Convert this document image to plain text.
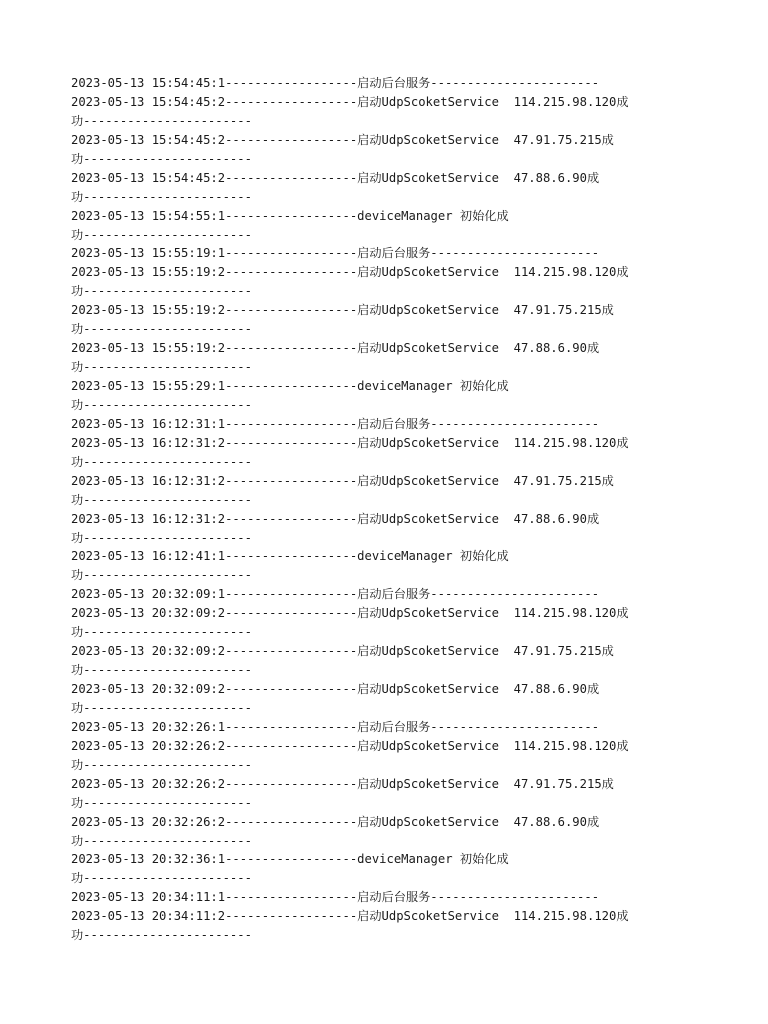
2023-05-13 15:54:45:1------------------启动后台服务-----------------------
2023-05-13 15:54:45:2------------------启动UdpScoketService  114.215.98.120成
功-----------------------
2023-05-13 15:54:45:2------------------启动UdpScoketService  47.91.75.215成
功-----------------------
2023-05-13 15:54:45:2------------------启动UdpScoketService  47.88.6.90成
功-----------------------
2023-05-13 15:54:55:1------------------deviceManager 初始化成
功-----------------------
2023-05-13 15:55:19:1------------------启动后台服务-----------------------
2023-05-13 15:55:19:2------------------启动UdpScoketService  114.215.98.120成
功-----------------------
2023-05-13 15:55:19:2------------------启动UdpScoketService  47.91.75.215成
功-----------------------
2023-05-13 15:55:19:2------------------启动UdpScoketService  47.88.6.90成
功-----------------------
2023-05-13 15:55:29:1------------------deviceManager 初始化成
功-----------------------
2023-05-13 16:12:31:1------------------启动后台服务-----------------------
2023-05-13 16:12:31:2------------------启动UdpScoketService  114.215.98.120成
功-----------------------
2023-05-13 16:12:31:2------------------启动UdpScoketService  47.91.75.215成
功-----------------------
2023-05-13 16:12:31:2------------------启动UdpScoketService  47.88.6.90成
功-----------------------
2023-05-13 16:12:41:1------------------deviceManager 初始化成
功-----------------------
2023-05-13 20:32:09:1------------------启动后台服务-----------------------
2023-05-13 20:32:09:2------------------启动UdpScoketService  114.215.98.120成
功-----------------------
2023-05-13 20:32:09:2------------------启动UdpScoketService  47.91.75.215成
功-----------------------
2023-05-13 20:32:09:2------------------启动UdpScoketService  47.88.6.90成
功-----------------------
2023-05-13 20:32:26:1------------------启动后台服务-----------------------
2023-05-13 20:32:26:2------------------启动UdpScoketService  114.215.98.120成
功-----------------------
2023-05-13 20:32:26:2------------------启动UdpScoketService  47.91.75.215成
功-----------------------
2023-05-13 20:32:26:2------------------启动UdpScoketService  47.88.6.90成
功-----------------------
2023-05-13 20:32:36:1------------------deviceManager 初始化成
功-----------------------
2023-05-13 20:34:11:1------------------启动后台服务-----------------------
2023-05-13 20:34:11:2------------------启动UdpScoketService  114.215.98.120成
功-----------------------
